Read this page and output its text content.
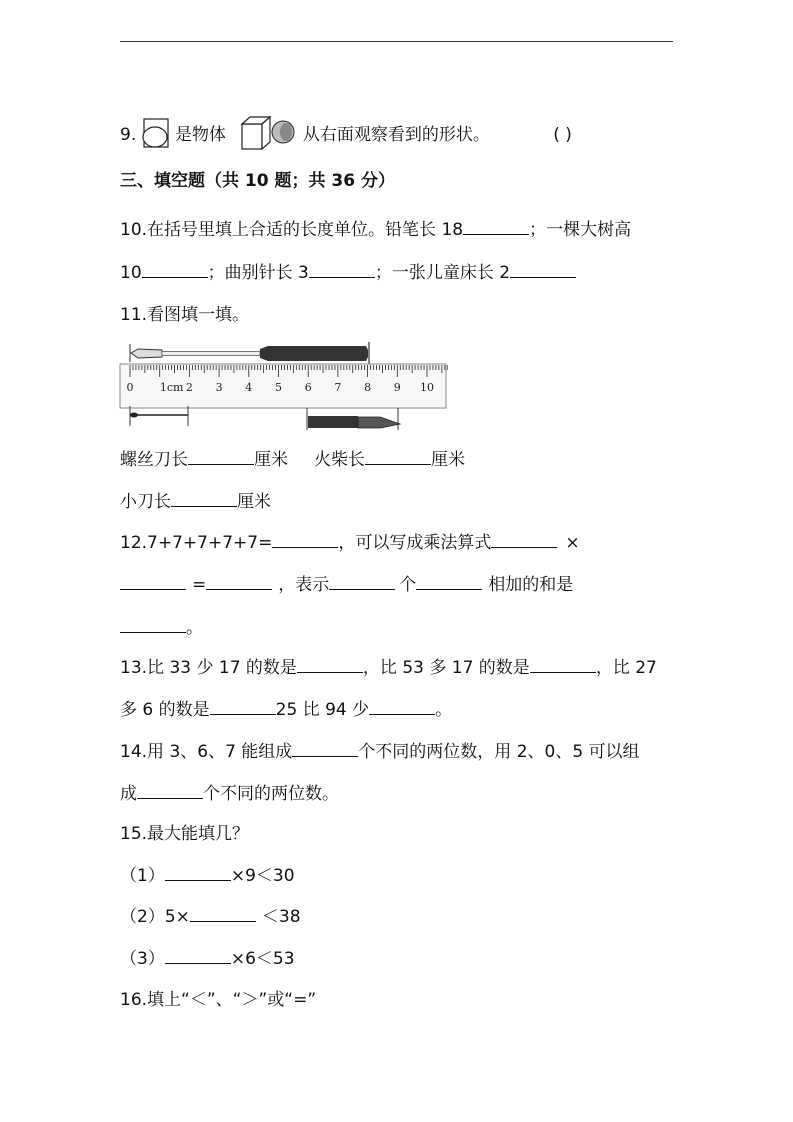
9. 是物体	从右面观察看到的形状。	( )
三、填空题（共 10 题；共 36 分）
10.在括号里填上合适的长度单位。铅笔长 18	；一棵大树高
10	；曲别针长 3	；一张儿童床长 2
11.看图填一填。
0 1cm 2 3 4 5 6 7 8 9 10
螺丝刀长	厘米 火柴长	厘米
小刀长	厘米
12.7+7+7+7+7=	，可以写成乘法算式	×
=	，表示	个	相加的和是
。
13.比 33 少 17 的数是	，比 53 多 17 的数是	，比 27
多 6 的数是	25 比 94 少	。
14.用 3、6、7 能组成	个不同的两位数，用 2、0、5 可以组
成	个不同的两位数。
15.最大能填几？
（1）	×9＜30
（2）5×	＜38
（3）	×6＜53
16.填上“＜”、“＞”或“=”
